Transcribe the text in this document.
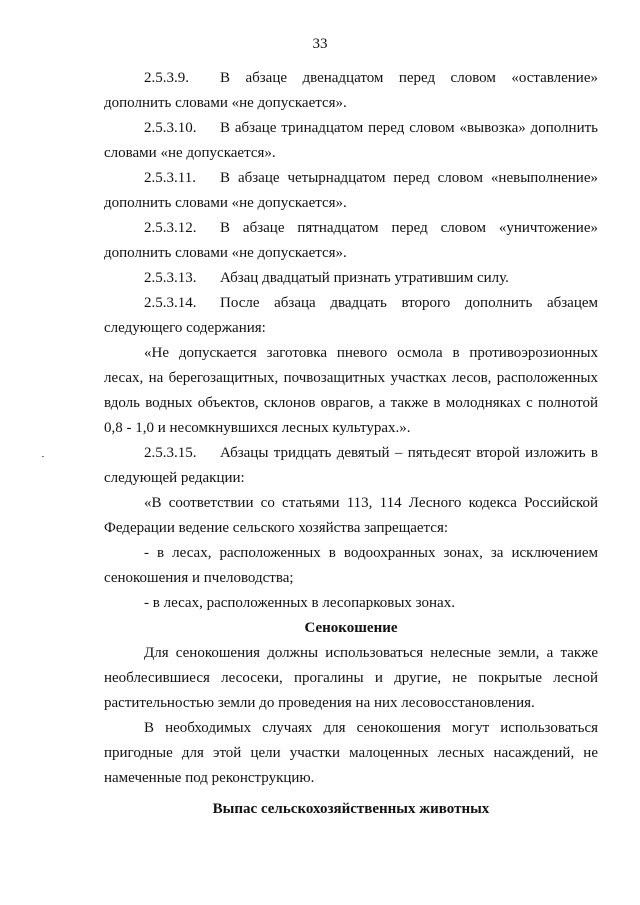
33

2.5.3.9. В абзаце двенадцатом перед словом «оставление» дополнить словами «не допускается».

2.5.3.10. В абзаце тринадцатом перед словом «вывозка» дополнить словами «не допускается».

2.5.3.11. В абзаце четырнадцатом перед словом «невыполнение» дополнить словами «не допускается».

2.5.3.12. В абзаце пятнадцатом перед словом «уничтожение» дополнить словами «не допускается».

2.5.3.13. Абзац двадцатый признать утратившим силу.

2.5.3.14. После абзаца двадцать второго дополнить абзацем следующего содержания:

«Не допускается заготовка пневого осмола в противоэрозионных лесах, на берегозащитных, почвозащитных участках лесов, расположенных вдоль водных объектов, склонов оврагов, а также в молодняках с полнотой 0,8 - 1,0 и несомкнувшихся лесных культурах.».

2.5.3.15. Абзацы тридцать девятый – пятьдесят второй изложить в следующей редакции:

«В соответствии со статьями 113, 114 Лесного кодекса Российской Федерации ведение сельского хозяйства запрещается:

- в лесах, расположенных в водоохранных зонах, за исключением сенокошения и пчеловодства;

- в лесах, расположенных в лесопарковых зонах.

Сенокошение

Для сенокошения должны использоваться нелесные земли, а также необлесившиеся лесосеки, прогалины и другие, не покрытые лесной растительностью земли до проведения на них лесовосстановления.

В необходимых случаях для сенокошения могут использоваться пригодные для этой цели участки малоценных лесных насаждений, не намеченные под реконструкцию.

Выпас сельскохозяйственных животных
